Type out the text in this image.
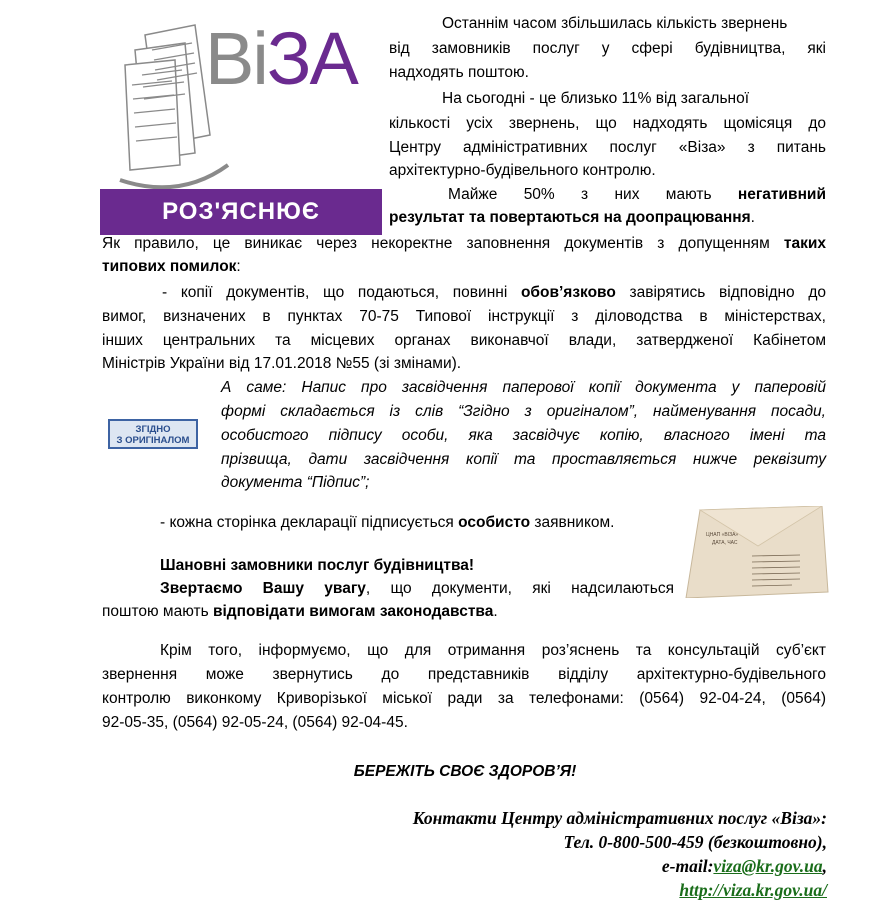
ВіЗА
РОЗ'ЯСНЮЄ
Останнім часом збільшилась кількість звернень
від замовників послуг у сфері будівництва, які
надходять поштою.
На сьогодні - це близько 11% від загальної
кількості усіх звернень, що надходять щомісяця до
Центру адміністративних послуг «Віза» з питань
архітектурно-будівельного контролю.
Майже 50% з них мають негативний
результат та повертаються на доопрацювання.
Як правило, це виникає через некоректне заповнення документів з допущенням таких
типових помилок:
- копії документів, що подаються, повинні обов’язково завірятись відповідно до
вимог, визначених в пунктах 70-75 Типової інструкції з діловодства в міністерствах,
інших центральних та місцевих органах виконавчої влади, затвердженої Кабінетом
Міністрів України від 17.01.2018 №55 (зі змінами).
ЗГІДНО
З ОРИГІНАЛОМ
А саме: Напис про засвідчення паперової копії документа у паперовій
формі складається із слів “Згідно з оригіналом”, найменування посади,
особистого підпису особи, яка засвідчує копію, власного імені та
прізвища, дати засвідчення копії та проставляється нижче реквізиту
документа “Підпис”;
- кожна сторінка декларації підписується особисто заявником.
ЦНАП «ВІЗА»
ДАТА, ЧАС
Шановні замовники послуг будівництва!
Звертаємо Вашу увагу, що документи, які надсилаються
поштою мають відповідати вимогам законодавства.
Крім того, інформуємо, що для отримання роз’яснень та консультацій суб’єкт
звернення може звернутись до представників відділу архітектурно-будівельного
контролю виконкому Криворізької міської ради за телефонами: (0564) 92-04-24, (0564)
92-05-35, (0564) 92-05-24, (0564) 92-04-45.
БЕРЕЖІТЬ СВОЄ ЗДОРОВ’Я!
Контакти Центру адміністративних послуг «Віза»:
Тел. 0-800-500-459 (безкоштовно),
e-mail:viza@kr.gov.ua,
http://viza.kr.gov.ua/
